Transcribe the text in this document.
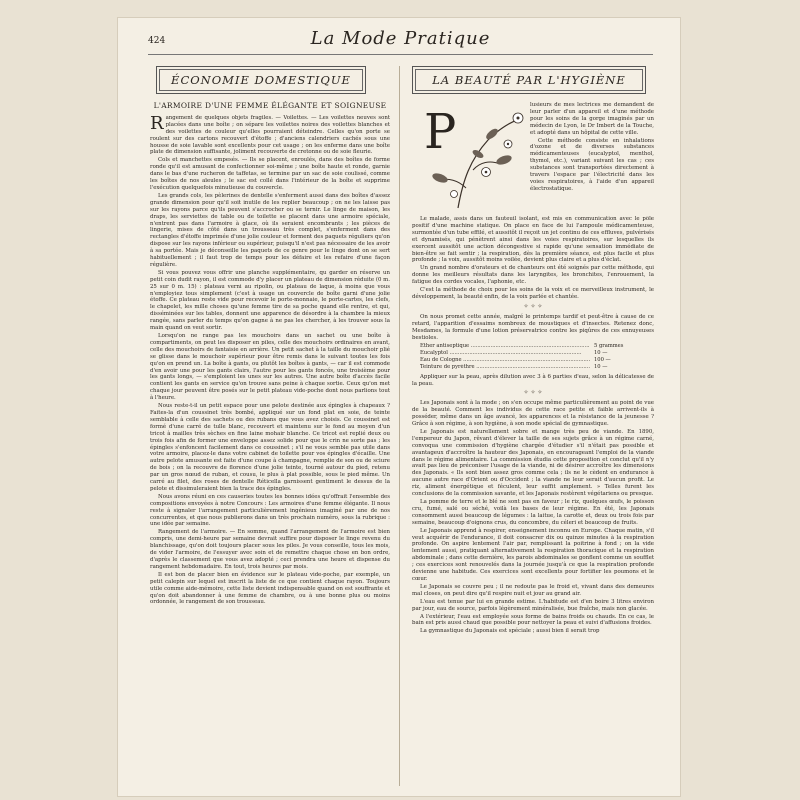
424	La Mode Pratique
ÉCONOMIE DOMESTIQUE	LA BEAUTÉ PAR L'HYGIÈNE
L'ARMOIRE D'UNE FEMME ÉLÉGANTE ET SOIGNEUSE

Rangement de quelques objets fragiles. — Voilettes. — Les voilettes neuves sont placées dans une boîte ; on sépare les voilettes noires des voilettes blanches et des voilettes de couleur qu'elles pourraient déteindre. Celles qu'on porte se roulent sur des cartons recouvert d'étoffe ; d'anciens calendriers cachés sous une housse de soie lavable sont excellents pour cet usage ; on les enferme dans une boîte plate de dimension suffisante, joliment recouverte de cretonne ou de soie fleurie.

Cols et manchettes empesés. — Ils se placent, enroulés, dans des boîtes de forme ronde qu'il est amusant de confectionner soi-même ; une boîte haute et ronde, garnie dans le bas d'une rucheron de taffetas, se termine par un sac de soie coulissé, comme les boîtes de nos aïeules ; le sac est collé dans l'intérieur de la boîte et supprime l'exécution quelquefois minutieuse du couvercle.

Les grands cols, les pèlerines de dentelle s'enferment aussi dans des boîtes d'assez grande dimension pour qu'il soit inutile de les replier beaucoup ; on ne les laisse pas sur les rayons parce qu'ils peuvent s'accrocher ou se ternir. Le linge de maison, les draps, les serviettes de table ou de toilette se placent dans une armoire spéciale, n'entrent pas dans l'armoire à glace, où ils seraient encombrants ; les pièces de lingerie, mises de côté dans un trousseau très complet, s'enferment dans des rectangles d'étoffe imprimée d'une jolie couleur et forment des paquets réguliers qu'on dispose sur les rayons inférieur ou supérieur, puisqu'il n'est pas nécessaire de les avoir à sa portée. Mais je déconseille les paquets de ce genre pour le linge dont on se sert habituellement ; il faut trop de temps pour les défaire et les refaire d'une façon régulière.

Si vous pouvez vous offrir une planche supplémentaire, qu garder en réserve un petit coin dudit rayon, il est commode d'y placer un plateau de dimension réduite (0 m. 25 sur 0 m. 15) : plateau verni au ripolin, ou plateau de laque, à moins que vous n'employiez tous simplement (c'est à usage un couvercle de boîte garni d'une jolie étoffe. Ce plateau reste vide pour recevoir le porte-monnaie, le porte-cartes, les clefs, le chapelet, les mille choses qu'une femme tire de sa poche quand elle rentre, et qui, disséminées sur les tables, donnent une apparence de désordre à la chambre la mieux rangée, sans parler du temps qu'on gagne à ne pas les chercher, à les trouver sous la main quand on veut sortir.

Lorsqu'on ne range pas les mouchoirs dans un sachet ou une boîte à compartiments, on peut les disposer en piles, celle des mouchoirs ordinaires en avant, celle des mouchoirs de fantaisie en arrière. Un petit sachet à la taille du mouchoir plié se glisse dans le mouchoir supérieur pour être remis dans le suivant toutes les fois qu'on en prend un. La boîte à gants, ou plutôt les boîtes à gants, — car il est commode d'en avoir une pour les gants clairs, l'autre pour les gants foncés, une troisième pour les gants longs, — s'emploient les unes sur les autres. Une autre boîte d'accès facile contient les gants en service qu'on trouve sans peine à chaque sortie. Ceux qu'on met chaque jour peuvent être posés sur le petit plateau vide-poche dont nous parlions tout à l'heure.

Nous reste-t-il un petit espace pour une pelote destinée aux épingles à chapeaux ? Faites-la d'un coussinet très bombé, appliqué sur un fond plat en soie, de teinte semblable à celle des sachets ou des rubans que vous avez choisis. Ce coussinet est formé d'une carré de tulle blanc, recouvert et maintenu sur le fond au moyen d'un tricot à mailles très sèches en fine laine mohair blanche. Ce tricot est replié deux ou trois fois afin de former une enveloppe assez solide pour que le crin ne sorte pas ; les épingles s'enfoncent facilement dans ce coussinet ; s'il ne vous semble pas utile dans votre armoire, placez-le dans votre cabinet de toilette pour vos épingles d'écaille. Une autre pelote amusante est faite d'une coupe à champagne, remplie de son ou de sciure de bois ; on la recouvre de florence d'une jolie teinte, tourné autour du pied, retenu par un gros nœud de ruban, et cousu, le plus à plat possible, sous le pied même. Un carré au filet, des roses de dentelle Réticella garnissent gentiment le dessus de la pelote et dissimuleraient bien la trace des épingles.

Nous avons réuni en ces causeries toutes les bonnes idées qu'offrait l'ensemble des compositions envoyées à notre Concours : Les armoires d'une femme élégante. Il nous reste à signaler l'arrangement particulièrement ingénieux imaginé par une de nos concurrentes, et que nous publierons dans un très prochain numéro, sous la rubrique : une idée par semaine.

Rangement de l'armoire. — En somme, quand l'arrangement de l'armoire est bien compris, une demi-heure par semaine devrait suffire pour disposer le linge revenu du blanchissage, qu'on doit toujours placer sous les piles. Je vous conseille, tous les mois, de vider l'armoire, de l'essuyer avec soin et de remettre chaque chose en bon ordre, d'après le classement que vous avez adopté ; ceci prendra une heure et dispense du rangement hebdomadaire. En tout, trois heures par mois.

Il est bon de placer bien en évidence sur le plateau vide-poche, par exemple, un petit calepin sur lequel est inscrit la liste de ce que contient chaque rayon. Toujours utile comme aide-mémoire, cette liste devient indispensable quand on est souffrante et qu'on doit abandonner à une femme de chambre, ou à une bonne plus ou moins ordonnée, le rangement de son trousseau.

P	lusieurs de mes lectrices me demandent de leur parler d'un appareil et d'une méthode pour les soins de la gorge imaginés par un médecin de Lyon, le Dr Imbert de la Touche, et adopté dans un hôpital de cette ville.

Cette méthode consiste en inhalations d'ozone et de diverses substances médicamenteuses (eucalyptol, menthol, thymol, etc.), variant suivant les cas ; ces substances sont transportées directement à travers l'espace par l'électricité dans les voies respiratoires, à l'aide d'un appareil électrostatique.

Le malade, assis dans un fauteuil isolant, est mis en communication avec le pôle positif d'une machine statique. On place en face de lui l'ampoule médicamenteuse, surmontée d'un tube effilé, et aussitôt il reçoit un jet continu de ces effluves, pulvérisés et dynamisés, qui pénètrent ainsi dans les voies respiratoires, sur lesquelles ils exercent aussitôt une action décongestive si rapide qu'une sensation immédiate de bien-être se fait sentir ; la respiration, dès la première séance, est plus facile et plus profonde ; la voix, aussitôt moins voilée, devient plus claire et a plus d'éclat.

Un grand nombre d'orateurs et de chanteurs ont été soignés par cette méthode, qui donne les meilleurs résultats dans les laryngites, les bronchites, l'enrouement, la fatigue des cordes vocales, l'aphonie, etc.

C'est la méthode de choix pour les soins de la voix et ce merveilleux instrument, le développement, la beauté enfin, de la voix parlée et chantée.

✧ ✧ ✧

On nous promet cette année, malgré le printemps tardif et peut-être à cause de ce retard, l'apparition d'essaims nombreux de moustiques et d'insectes. Retenez donc, Mesdames, la formule d'une lotion préservatrice contre les piqûres de ces ennuyeuses bestioles.

Ether antiseptique .....	5 grammes
Eucalyptol .....	10 —
Eau de Cologne .....	100 —
Teinture de pyrèthre .....	10 —

Appliquer sur la peau, après dilution avec 3 à 6 parties d'eau, selon la délicatesse de la peau.

✧ ✧ ✧

Les Japonais sont à la mode ; on s'en occupe même particulièrement au point de vue de la beauté. Comment les individus de cette race petite et faible arrivent-ils à posséder, même dans un âge avancé, les apparences et la résistance de la jeunesse ? Grâce à son régime, à son hygiène, à son mode spécial de gymnastique.

Le Japonais est naturellement sobre et mange très peu de viande. En 1890, l'empereur du Japon, rêvant d'élever la taille de ses sujets grâce à un régime carné, convoqua une commission d'hygiène chargée d'étudier s'il n'était pas possible et avantageux d'accroître la hauteur des Japonais, en encourageant l'emploi de la viande dans le régime alimentaire. La commission étudia cette proposition et conclut qu'il n'y avait pas lieu de préconiser l'usage de la viande, ni de désirer accroître les dimensions des Japonais. « Ils sont bien assez gros comme cela ; ils ne le cèdent en endurance à aucune autre race d'Orient ou d'Occident ; la viande ne leur serait d'aucun profit. Le riz, aliment énergétique et féculent, leur suffit amplement. » Telles furent les conclusions de la commission savante, et les Japonais restèrent végétariens ou presque.

La pomme de terre et le blé ne sont pas en faveur ; le riz, quelques œufs, le poisson cru, fumé, salé ou séché, voilà les bases de leur régime. En été, les Japonais consomment aussi beaucoup de légumes : la laitue, la carotte et, deux ou trois fois par semaine, beaucoup d'oignons crus, du concombre, du céleri et beaucoup de fruits.

Le Japonais apprend à respirer, enseignement inconnu en Europe. Chaque matin, s'il veut acquérir de l'endurance, il doit consacrer dix ou quinze minutes à la respiration profonde. On aspire lentement l'air par, remplissant la poitrine à fond ; on la vide lentement aussi, pratiquant alternativement la respiration thoracique et la respiration abdominale ; dans cette dernière, les parois abdominales se gonflent comme un soufflet ; ces exercices sont renouvelés dans la journée jusqu'à ce que la respiration profonde devienne une habitude. Ces exercices sont excellents pour fortifier les poumons et le cœur.

Le Japonais se couvre peu ; il ne redoute pas le froid et, vivant dans des demeures mal closes, on peut dire qu'il respire nuit et jour au grand air.

L'eau est tenue par lui en grande estime. L'habitude est d'en boire 3 litres environ par jour, eau de source, parfois légèrement minéralisée, bue fraîche, mais non glacée.

A l'extérieur, l'eau est employée sous forme de bains froids ou chauds. En ce cas, le bain est pris aussi chaud que possible pour nettoyer la peau et suivi d'affusions froides.

La gymnastique du Japonais est spéciale ; aussi bien il serait trop
